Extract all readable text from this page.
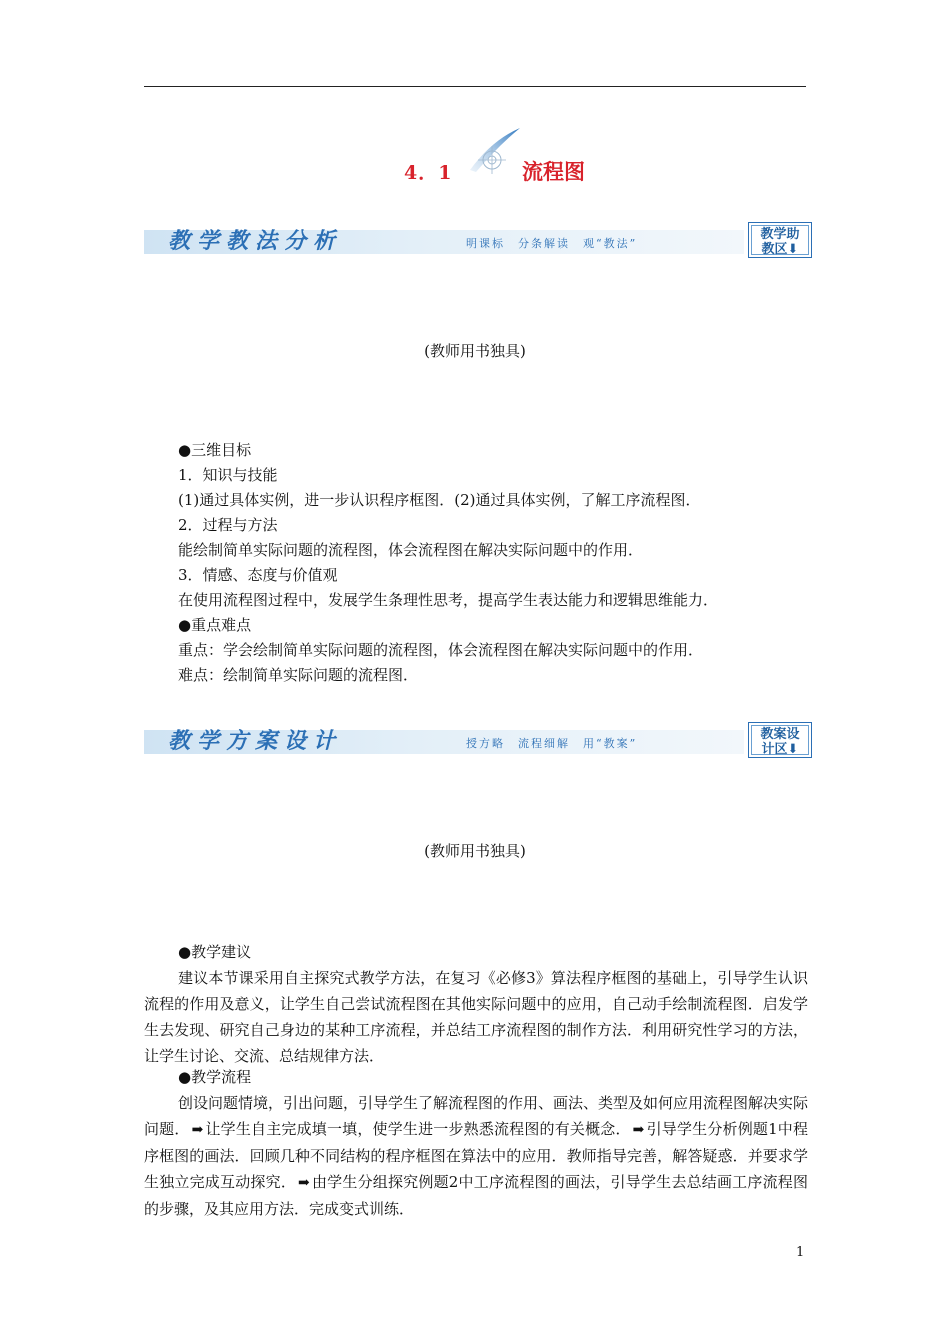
4．1	流程图
教学教法分析	明课标　分条解读　观“教法”
教学助
教区⬇
(教师用书独具)
●三维目标
1．知识与技能
(1)通过具体实例，进一步认识程序框图．(2)通过具体实例，了解工序流程图．
2．过程与方法
能绘制简单实际问题的流程图，体会流程图在解决实际问题中的作用．
3．情感、态度与价值观
在使用流程图过程中，发展学生条理性思考，提高学生表达能力和逻辑思维能力．
●重点难点
重点：学会绘制简单实际问题的流程图，体会流程图在解决实际问题中的作用．
难点：绘制简单实际问题的流程图．
教学方案设计	授方略　流程细解　用“教案”
教案设
计区⬇
(教师用书独具)
●教学建议
建议本节课采用自主探究式教学方法，在复习《必修3》算法程序框图的基础上，引导学生认识流程的作用及意义，让学生自己尝试流程图在其他实际问题中的应用，自己动手绘制流程图．启发学生去发现、研究自己身边的某种工序流程，并总结工序流程图的制作方法．利用研究性学习的方法，让学生讨论、交流、总结规律方法．
●教学流程
创设问题情境，引出问题，引导学生了解流程图的作用、画法、类型及如何应用流程图解决实际问题． ➡ 让学生自主完成填一填，使学生进一步熟悉流程图的有关概念． ➡ 引导学生分析例题1中程序框图的画法．回顾几种不同结构的程序框图在算法中的应用．教师指导完善，解答疑惑．并要求学生独立完成互动探究． ➡ 由学生分组探究例题2中工序流程图的画法，引导学生去总结画工序流程图的步骤，及其应用方法．完成变式训练．
1
